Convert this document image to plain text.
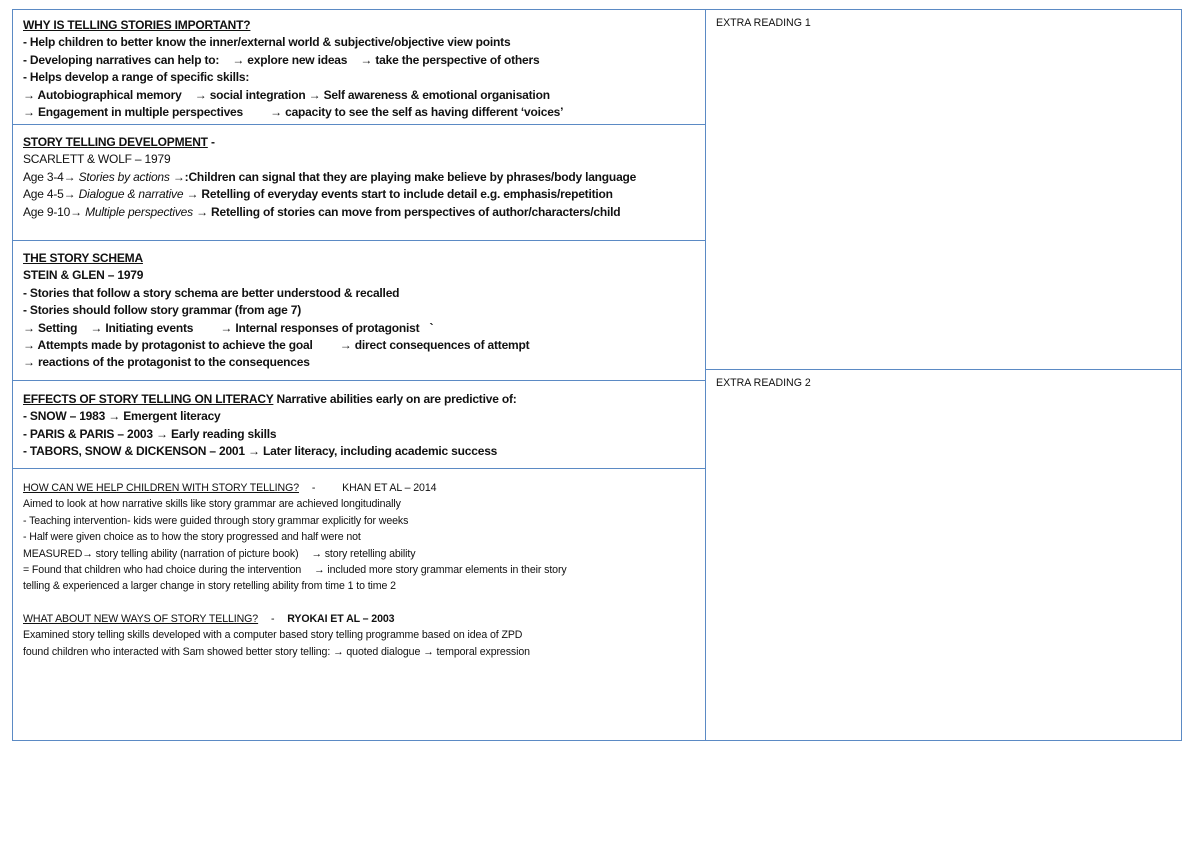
WHY IS TELLING STORIES IMPORTANT?
- Help children to better know the inner/external world & subjective/objective view points
- Developing narratives can help to: → explore new ideas → take the perspective of others
- Helps develop a range of specific skills:
→ Autobiographical memory → social integration → Self awareness & emotional organisation
→ Engagement in multiple perspectives → capacity to see the self as having different ‘voices’
STORY TELLING DEVELOPMENT -
SCARLETT & WOLF – 1979
Age 3-4→ Stories by actions →:Children can signal that they are playing make believe by phrases/body language
Age 4-5→ Dialogue & narrative → Retelling of everyday events start to include detail e.g. emphasis/repetition
Age 9-10→ Multiple perspectives → Retelling of stories can move from perspectives of author/characters/child
THE STORY SCHEMA
STEIN & GLEN – 1979
- Stories that follow a story schema are better understood & recalled
- Stories should follow story grammar (from age 7)
→ Setting → Initiating events → Internal responses of protagonist `
→ Attempts made by protagonist to achieve the goal → direct consequences of attempt
→ reactions of the protagonist to the consequences
EFFECTS OF STORY TELLING ON LITERACY Narrative abilities early on are predictive of:
- SNOW – 1983 → Emergent literacy
- PARIS & PARIS – 2003 → Early reading skills
- TABORS, SNOW & DICKENSON – 2001 → Later literacy, including academic success
HOW CAN WE HELP CHILDREN WITH STORY TELLING? -	KHAN ET AL – 2014
Aimed to look at how narrative skills like story grammar are achieved longitudinally
- Teaching intervention- kids were guided through story grammar explicitly for weeks
- Half were given choice as to how the story progressed and half were not
MEASURED→ story telling ability (narration of picture book) → story retelling ability
= Found that children who had choice during the intervention → included more story grammar elements in their story
telling & experienced a larger change in story retelling ability from time 1 to time 2
WHAT ABOUT NEW WAYS OF STORY TELLING? - RYOKAI ET AL – 2003
Examined story telling skills developed with a computer based story telling programme based on idea of ZPD
found children who interacted with Sam showed better story telling: → quoted dialogue → temporal expression
EXTRA READING 1
EXTRA READING 2
